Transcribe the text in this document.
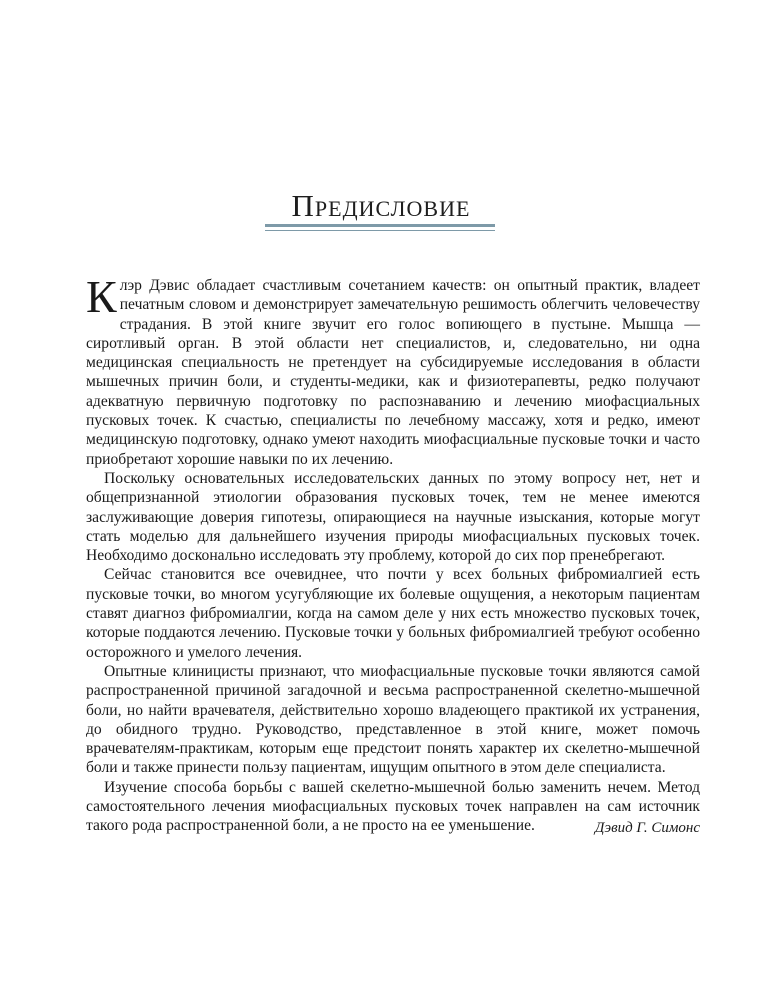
Предисловие

Клэр Дэвис обладает счастливым сочетанием качеств: он опытный практик, владеет печатным словом и демонстрирует замечательную решимость облегчить человечеству страдания. В этой книге звучит его голос вопиющего в пустыне. Мышца — сиротливый орган. В этой области нет специалистов, и, следовательно, ни одна медицинская специальность не претендует на субсидируемые исследования в области мышечных причин боли, и студенты-медики, как и физиотерапевты, редко получают адекватную первичную подготовку по распознаванию и лечению миофасциальных пусковых точек. К счастью, специалисты по лечебному массажу, хотя и редко, имеют медицинскую подготовку, однако умеют находить миофасциальные пусковые точки и часто приобретают хорошие навыки по их лечению.

Поскольку основательных исследовательских данных по этому вопросу нет, нет и общепризнанной этиологии образования пусковых точек, тем не менее имеются заслуживающие доверия гипотезы, опирающиеся на научные изыскания, которые могут стать моделью для дальнейшего изучения природы миофасциальных пусковых точек. Необходимо досконально исследовать эту проблему, которой до сих пор пренебрегают.

Сейчас становится все очевиднее, что почти у всех больных фибромиалгией есть пусковые точки, во многом усугубляющие их болевые ощущения, а некоторым пациентам ставят диагноз фибромиалгии, когда на самом деле у них есть множество пусковых точек, которые поддаются лечению. Пусковые точки у больных фибромиалгией требуют особенно осторожного и умелого лечения.

Опытные клиницисты признают, что миофасциальные пусковые точки являются самой распространенной причиной загадочной и весьма распространенной скелетно-мышечной боли, но найти врачевателя, действительно хорошо владеющего практикой их устранения, до обидного трудно. Руководство, представленное в этой книге, может помочь врачевателям-практикам, которым еще предстоит понять характер их скелетно-мышечной боли и также принести пользу пациентам, ищущим опытного в этом деле специалиста.

Изучение способа борьбы с вашей скелетно-мышечной болью заменить нечем. Метод самостоятельного лечения миофасциальных пусковых точек направлен на сам источник такого рода распространенной боли, а не просто на ее уменьшение.	Дэвид Г. Симонс
